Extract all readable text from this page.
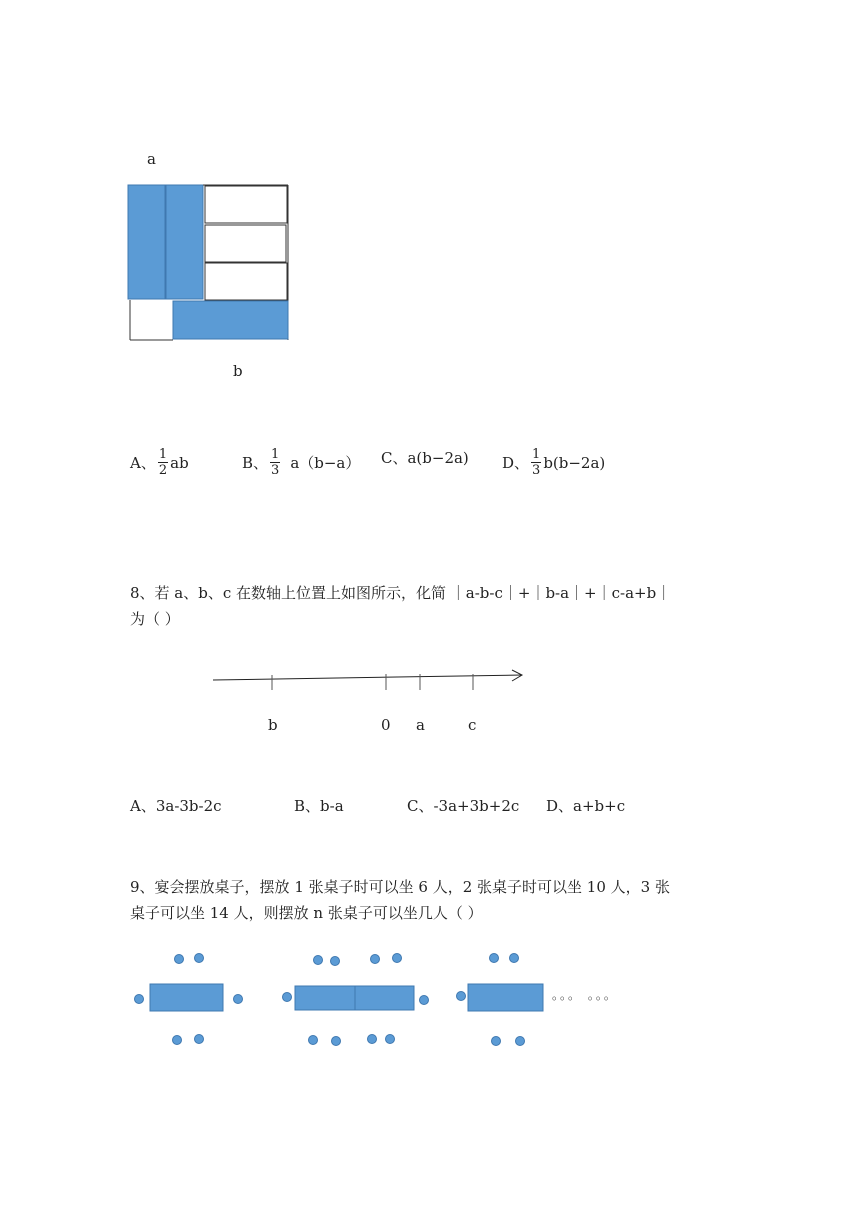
a
b
A、 $\frac{1}{2}$ ab	B、 $\frac{1}{3} a(b-a)$ C、a(b−2a) D、 $\frac{1}{3} b(b-2a)$
8、若 a、b、c 在数轴上位置上如图所示，化简 ｜a-b-c｜+｜b-a｜+｜c-a+b｜
为（ ）
b	0 a	c
A、3a-3b-2c	B、b-a	C、-3a+3b+2c D、a+b+c
9、宴会摆放桌子，摆放 1 张桌子时可以坐 6 人，2 张桌子时可以坐 10 人，3 张
桌子可以坐 14 人，则摆放 n 张桌子可以坐几人（ ）
。。。 。。。
